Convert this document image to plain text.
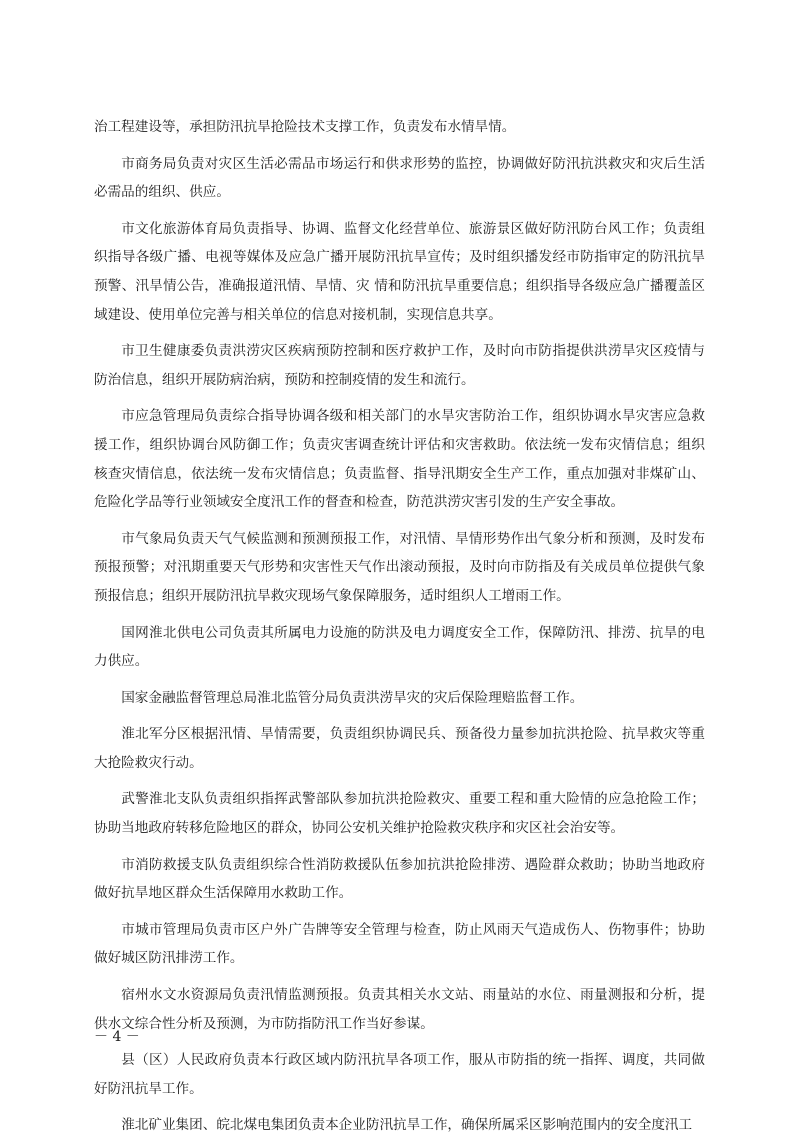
治工程建设等，承担防汛抗旱抢险技术支撑工作，负责发布水情旱情。

市商务局负责对灾区生活必需品市场运行和供求形势的监控，协调做好防汛抗洪救灾和灾后生活必需品的组织、供应。

市文化旅游体育局负责指导、协调、监督文化经营单位、旅游景区做好防汛防台风工作；负责组织指导各级广播、电视等媒体及应急广播开展防汛抗旱宣传；及时组织播发经市防指审定的防汛抗旱预警、汛旱情公告，准确报道汛情、旱情、灾 情和防汛抗旱重要信息；组织指导各级应急广播覆盖区域建设、使用单位完善与相关单位的信息对接机制，实现信息共享。

市卫生健康委负责洪涝灾区疾病预防控制和医疗救护工作，及时向市防指提供洪涝旱灾区疫情与防治信息，组织开展防病治病，预防和控制疫情的发生和流行。

市应急管理局负责综合指导协调各级和相关部门的水旱灾害防治工作，组织协调水旱灾害应急救援工作，组织协调台风防御工作；负责灾害调查统计评估和灾害救助。依法统一发布灾情信息；组织核查灾情信息，依法统一发布灾情信息；负责监督、指导汛期安全生产工作，重点加强对非煤矿山、危险化学品等行业领域安全度汛工作的督查和检查，防范洪涝灾害引发的生产安全事故。

市气象局负责天气气候监测和预测预报工作，对汛情、旱情形势作出气象分析和预测，及时发布预报预警；对汛期重要天气形势和灾害性天气作出滚动预报，及时向市防指及有关成员单位提供气象预报信息；组织开展防汛抗旱救灾现场气象保障服务，适时组织人工增雨工作。

国网淮北供电公司负责其所属电力设施的防洪及电力调度安全工作，保障防汛、排涝、抗旱的电力供应。

国家金融监督管理总局淮北监管分局负责洪涝旱灾的灾后保险理赔监督工作。

淮北军分区根据汛情、旱情需要，负责组织协调民兵、预备役力量参加抗洪抢险、抗旱救灾等重大抢险救灾行动。

武警淮北支队负责组织指挥武警部队参加抗洪抢险救灾、重要工程和重大险情的应急抢险工作；协助当地政府转移危险地区的群众，协同公安机关维护抢险救灾秩序和灾区社会治安等。

市消防救援支队负责组织综合性消防救援队伍参加抗洪抢险排涝、遇险群众救助；协助当地政府做好抗旱地区群众生活保障用水救助工作。

市城市管理局负责市区户外广告牌等安全管理与检查，防止风雨天气造成伤人、伤物事件；协助做好城区防汛排涝工作。

宿州水文水资源局负责汛情监测预报。负责其相关水文站、雨量站的水位、雨量测报和分析，提供水文综合性分析及预测，为市防指防汛工作当好参谋。

县（区）人民政府负责本行政区域内防汛抗旱各项工作，服从市防指的统一指挥、调度，共同做好防汛抗旱工作。

淮北矿业集团、皖北煤电集团负责本企业防汛抗旱工作，确保所属采区影响范围内的安全度汛工

－ 4 －
